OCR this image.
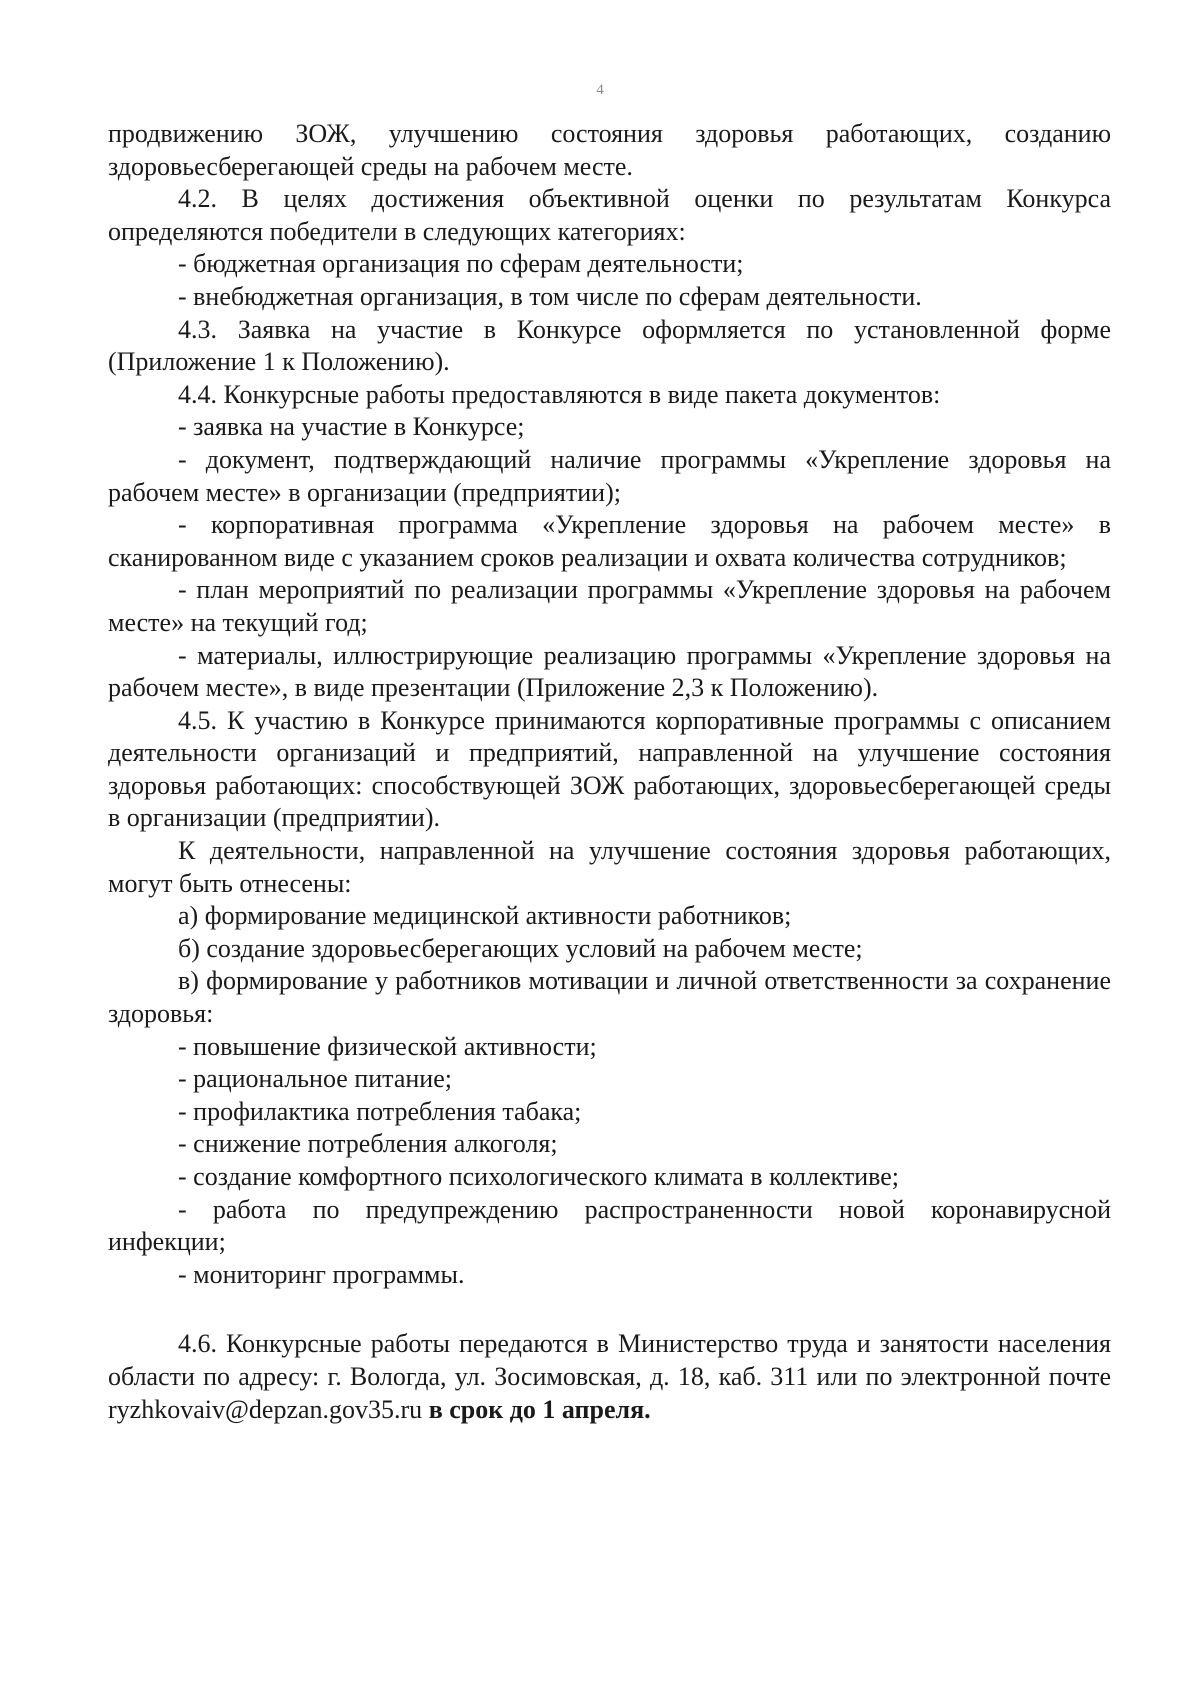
4

продвижению ЗОЖ, улучшению состояния здоровья работающих, созданию здоровьесберегающей среды на рабочем месте.

4.2. В целях достижения объективной оценки по результатам Конкурса определяются победители в следующих категориях:

- бюджетная организация по сферам деятельности;

- внебюджетная организация, в том числе по сферам деятельности.

4.3. Заявка на участие в Конкурсе оформляется по установленной форме (Приложение 1 к Положению).

4.4. Конкурсные работы предоставляются в виде пакета документов:

- заявка на участие в Конкурсе;

- документ, подтверждающий наличие программы «Укрепление здоровья на рабочем месте» в организации (предприятии);

- корпоративная программа «Укрепление здоровья на рабочем месте» в сканированном виде с указанием сроков реализации и охвата количества сотрудников;

- план мероприятий по реализации программы «Укрепление здоровья на рабочем месте» на текущий год;

- материалы, иллюстрирующие реализацию программы «Укрепление здоровья на рабочем месте», в виде презентации (Приложение 2,3 к Положению).

4.5. К участию в Конкурсе принимаются корпоративные программы с описанием деятельности организаций и предприятий, направленной на улучшение состояния здоровья работающих: способствующей ЗОЖ работающих, здоровьесберегающей среды в организации (предприятии).

К деятельности, направленной на улучшение состояния здоровья работающих, могут быть отнесены:

а) формирование медицинской активности работников;

б) создание здоровьесберегающих условий на рабочем месте;

в) формирование у работников мотивации и личной ответственности за сохранение здоровья:

- повышение физической активности;

- рациональное питание;

- профилактика потребления табака;

- снижение потребления алкоголя;

- создание комфортного психологического климата в коллективе;

- работа по предупреждению распространенности новой коронавирусной инфекции;

- мониторинг программы.

4.6. Конкурсные работы передаются в Министерство труда и занятости населения области по адресу: г. Вологда, ул. Зосимовская, д. 18, каб. 311 или по электронной почте ryzhkovaiv@depzan.gov35.ru в срок до 1 апреля.
